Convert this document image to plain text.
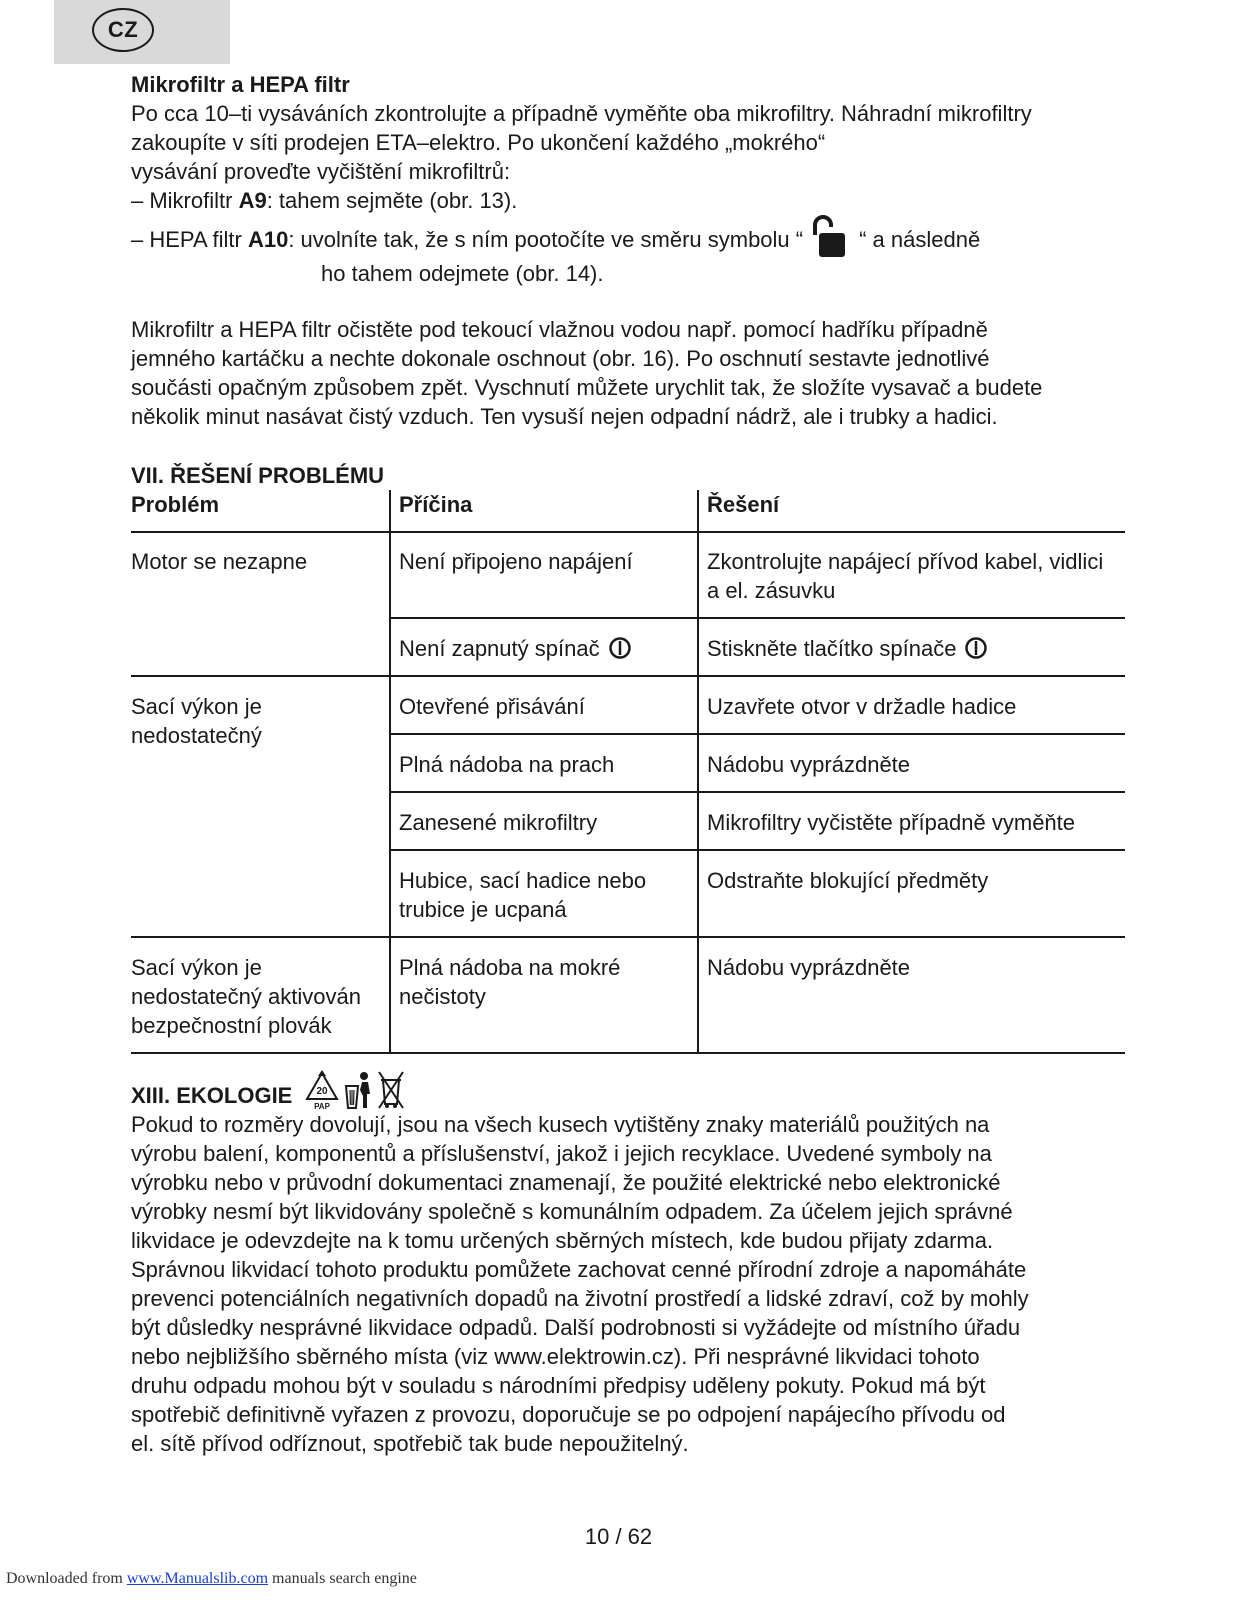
CZ

Mikrofiltr a HEPA filtr

Po cca 10–ti vysáváních zkontrolujte a případně vyměňte oba mikrofiltry. Náhradní mikrofiltry

zakoupíte v síti prodejen ETA–elektro. Po ukončení každého „mokrého“

vysávání proveďte vyčištění mikrofiltrů:

– Mikrofiltr A9: tahem sejměte (obr. 13).

– HEPA filtr A10: uvolníte tak, že s ním pootočíte ve směru symbolu “	“ a následně

ho tahem odejmete (obr. 14).

Mikrofiltr a HEPA filtr očistěte pod tekoucí vlažnou vodou např. pomocí hadříku případně

jemného kartáčku a nechte dokonale oschnout (obr. 16). Po oschnutí sestavte jednotlivé

součásti opačným způsobem zpět. Vyschnutí můžete urychlit tak, že složíte vysavač a budete

několik minut nasávat čistý vzduch. Ten vysuší nejen odpadní nádrž, ale i trubky a hadici.

VII. ŘEŠENÍ PROBLÉMU

Problém	Příčina	Řešení
Motor se nezapne	Není připojeno napájení	Zkontrolujte napájecí přívod kabel, vidlici a el. zásuvku
	Není zapnutý spínač	Stiskněte tlačítko spínače
Sací výkon je nedostatečný	Otevřené přisávání	Uzavřete otvor v držadle hadice
	Plná nádoba na prach	Nádobu vyprázdněte
	Zanesené mikrofiltry	Mikrofiltry vyčistěte případně vyměňte
	Hubice, sací hadice nebo trubice je ucpaná	Odstraňte blokující předměty
Sací výkon je nedostatečný aktivován bezpečnostní plovák	Plná nádoba na mokré nečistoty	Nádobu vyprázdněte
XIII. EKOLOGIE 20
PAP

Pokud to rozměry dovolují, jsou na všech kusech vytištěny znaky materiálů použitých na

výrobu balení, komponentů a příslušenství, jakož i jejich recyklace. Uvedené symboly na

výrobku nebo v průvodní dokumentaci znamenají, že použité elektrické nebo elektronické

výrobky nesmí být likvidovány společně s komunálním odpadem. Za účelem jejich správné

likvidace je odevzdejte na k tomu určených sběrných místech, kde budou přijaty zdarma.

Správnou likvidací tohoto produktu pomůžete zachovat cenné přírodní zdroje a napomáháte

prevenci potenciálních negativních dopadů na životní prostředí a lidské zdraví, což by mohly

být důsledky nesprávné likvidace odpadů. Další podrobnosti si vyžádejte od místního úřadu

nebo nejbližšího sběrného místa (viz www.elektrowin.cz). Při nesprávné likvidaci tohoto

druhu odpadu mohou být v souladu s národními předpisy uděleny pokuty. Pokud má být

spotřebič definitivně vyřazen z provozu, doporučuje se po odpojení napájecího přívodu od

el. sítě přívod odříznout, spotřebič tak bude nepoužitelný.

10 / 62
Downloaded from www.Manualslib.com manuals search engine
